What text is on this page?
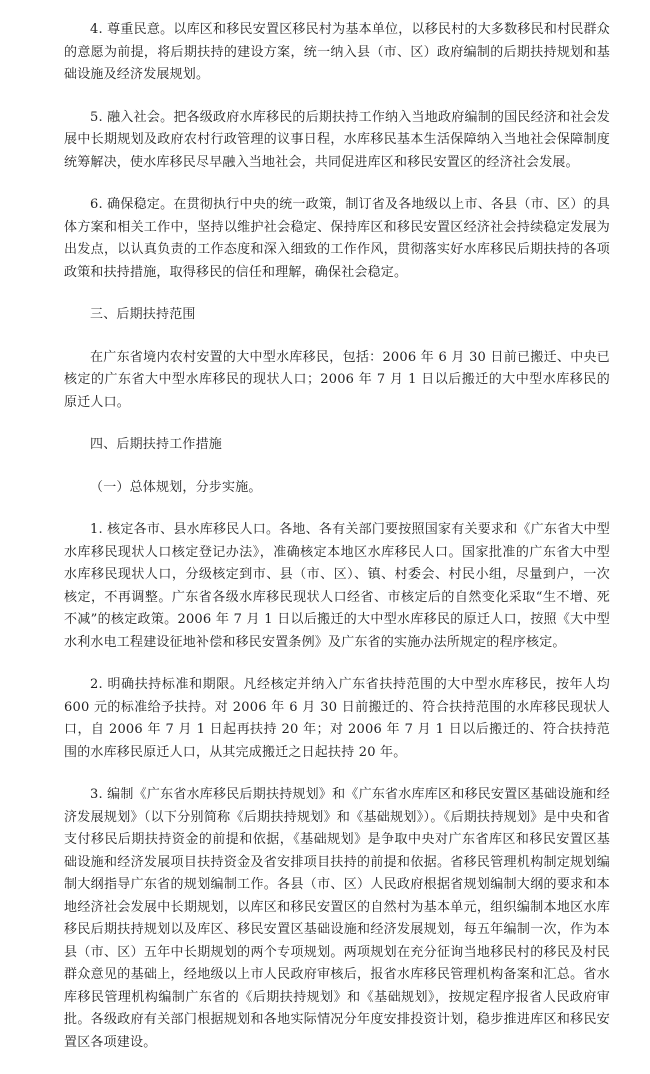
4. 尊重民意。以库区和移民安置区移民村为基本单位，以移民村的大多数移民和村民群众的意愿为前提，将后期扶持的建设方案，统一纳入县（市、区）政府编制的后期扶持规划和基础设施及经济发展规划。

5. 融入社会。把各级政府水库移民的后期扶持工作纳入当地政府编制的国民经济和社会发展中长期规划及政府农村行政管理的议事日程，水库移民基本生活保障纳入当地社会保障制度统筹解决，使水库移民尽早融入当地社会，共同促进库区和移民安置区的经济社会发展。

6. 确保稳定。在贯彻执行中央的统一政策，制订省及各地级以上市、各县（市、区）的具体方案和相关工作中，坚持以维护社会稳定、保持库区和移民安置区经济社会持续稳定发展为出发点，以认真负责的工作态度和深入细致的工作作风，贯彻落实好水库移民后期扶持的各项政策和扶持措施，取得移民的信任和理解，确保社会稳定。

三、后期扶持范围

在广东省境内农村安置的大中型水库移民，包括：2006 年 6 月 30 日前已搬迁、中央已核定的广东省大中型水库移民的现状人口；2006 年 7 月 1 日以后搬迁的大中型水库移民的原迁人口。

四、后期扶持工作措施

（一）总体规划，分步实施。

1. 核定各市、县水库移民人口。各地、各有关部门要按照国家有关要求和《广东省大中型水库移民现状人口核定登记办法》，准确核定本地区水库移民人口。国家批准的广东省大中型水库移民现状人口，分级核定到市、县（市、区）、镇、村委会、村民小组，尽量到户，一次核定，不再调整。广东省各级水库移民现状人口经省、市核定后的自然变化采取“生不增、死不减”的核定政策。2006 年 7 月 1 日以后搬迁的大中型水库移民的原迁人口，按照《大中型水利水电工程建设征地补偿和移民安置条例》及广东省的实施办法所规定的程序核定。

2. 明确扶持标准和期限。凡经核定并纳入广东省扶持范围的大中型水库移民，按年人均 600 元的标准给予扶持。对 2006 年 6 月 30 日前搬迁的、符合扶持范围的水库移民现状人口，自 2006 年 7 月 1 日起再扶持 20 年；对 2006 年 7 月 1 日以后搬迁的、符合扶持范围的水库移民原迁人口，从其完成搬迁之日起扶持 20 年。

3. 编制《广东省水库移民后期扶持规划》和《广东省水库库区和移民安置区基础设施和经济发展规划》（以下分别简称《后期扶持规划》和《基础规划》）。《后期扶持规划》是中央和省支付移民后期扶持资金的前提和依据，《基础规划》是争取中央对广东省库区和移民安置区基础设施和经济发展项目扶持资金及省安排项目扶持的前提和依据。省移民管理机构制定规划编制大纲指导广东省的规划编制工作。各县（市、区）人民政府根据省规划编制大纲的要求和本地经济社会发展中长期规划，以库区和移民安置区的自然村为基本单元，组织编制本地区水库移民后期扶持规划以及库区、移民安置区基础设施和经济发展规划，每五年编制一次，作为本县（市、区）五年中长期规划的两个专项规划。两项规划在充分征询当地移民村的移民及村民群众意见的基础上，经地级以上市人民政府审核后，报省水库移民管理机构备案和汇总。省水库移民管理机构编制广东省的《后期扶持规划》和《基础规划》，按规定程序报省人民政府审批。各级政府有关部门根据规划和各地实际情况分年度安排投资计划，稳步推进库区和移民安置区各项建设。
